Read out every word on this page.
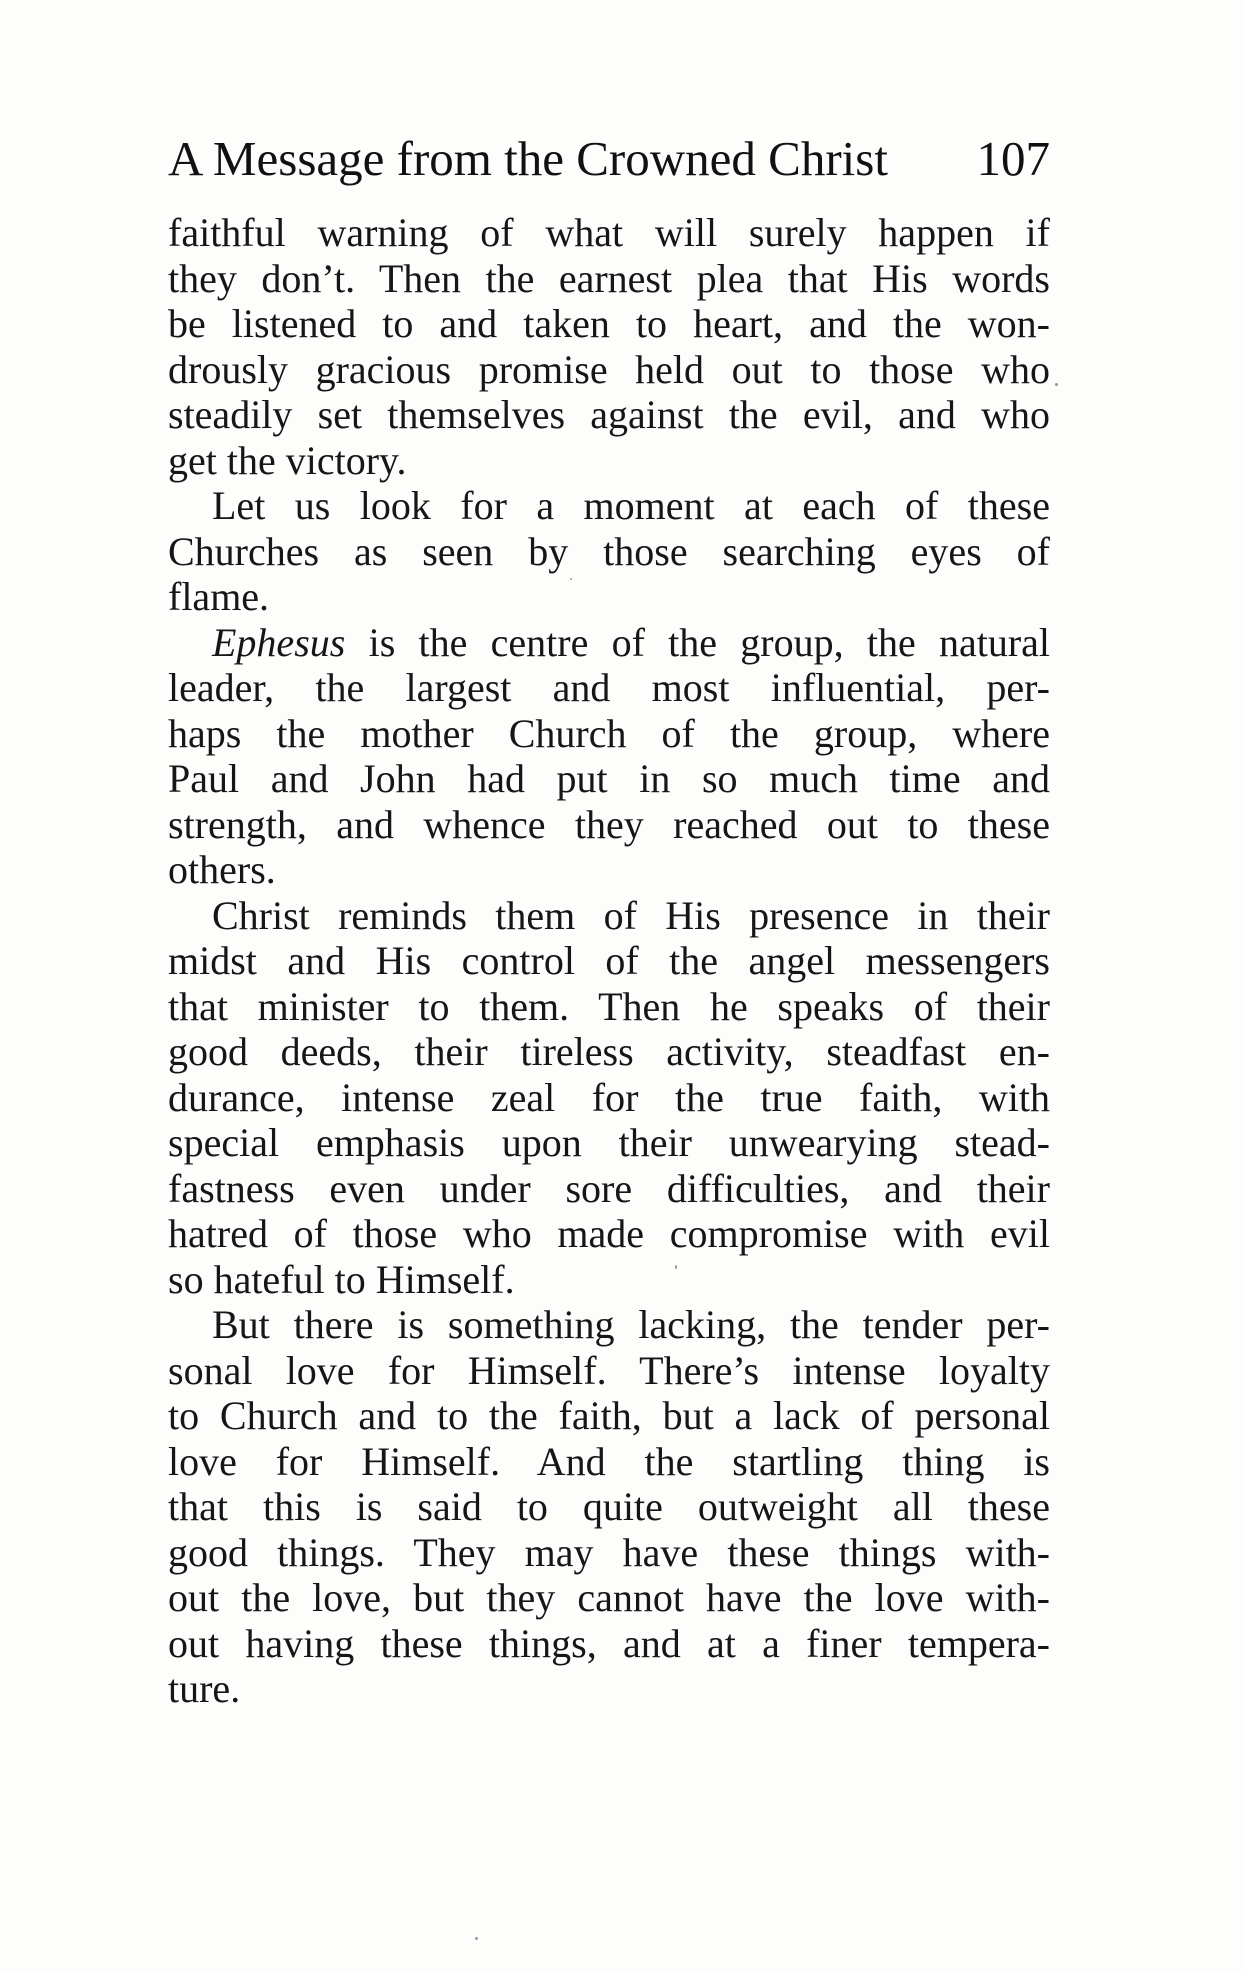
A Message from the Crowned Christ 107
faithful warning of what will surely happen if
they don’t. Then the earnest plea that His words
be listened to and taken to heart, and the won-
drously gracious promise held out to those who
steadily set themselves against the evil, and who
get the victory.
Let us look for a moment at each of these
Churches as seen by those searching eyes of
flame.
Ephesus is the centre of the group, the natural
leader, the largest and most influential, per-
haps the mother Church of the group, where
Paul and John had put in so much time and
strength, and whence they reached out to these
others.
Christ reminds them of His presence in their
midst and His control of the angel messengers
that minister to them. Then he speaks of their
good deeds, their tireless activity, steadfast en-
durance, intense zeal for the true faith, with
special emphasis upon their unwearying stead-
fastness even under sore difficulties, and their
hatred of those who made compromise with evil
so hateful to Himself.
But there is something lacking, the tender per-
sonal love for Himself. There’s intense loyalty
to Church and to the faith, but a lack of personal
love for Himself. And the startling thing is
that this is said to quite outweight all these
good things. They may have these things with-
out the love, but they cannot have the love with-
out having these things, and at a finer tempera-
ture.
